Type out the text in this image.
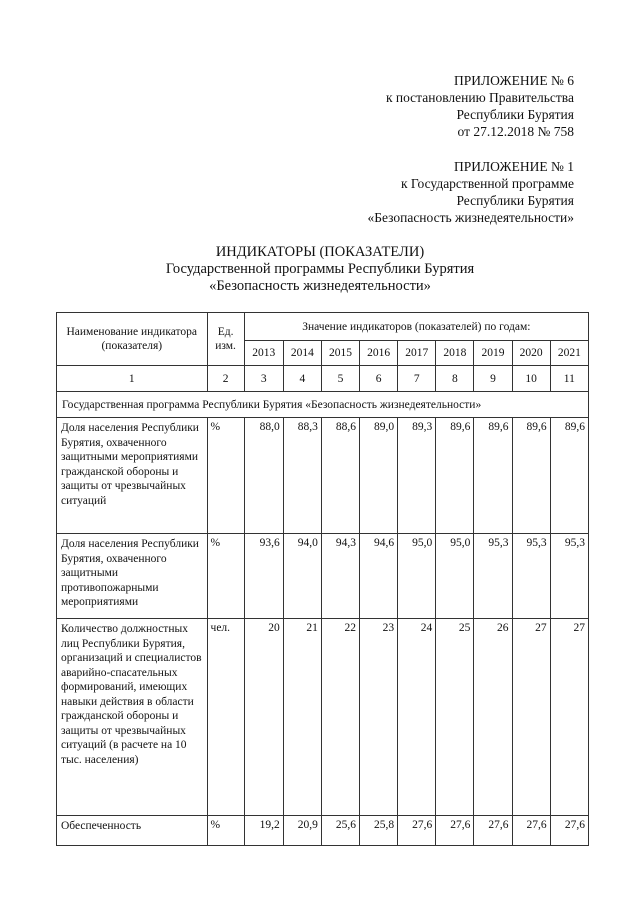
ПРИЛОЖЕНИЕ № 6
к постановлению Правительства
Республики Бурятия
от 27.12.2018 № 758
ПРИЛОЖЕНИЕ № 1
к Государственной программе
Республики Бурятия
«Безопасность жизнедеятельности»
ИНДИКАТОРЫ (ПОКАЗАТЕЛИ)
Государственной программы Республики Бурятия
«Безопасность жизнедеятельности»
Наименование индикатора (показателя)	Ед. изм.	Значение индикаторов (показателей) по годам:								
		2013	2014	2015	2016	2017	2018	2019	2020	2021
1	2	3	4	5	6	7	8	9	10	11
Государственная программа Республики Бурятия «Безопасность жизнедеятельности»										
Доля населения Республики Бурятия, охваченного защитными мероприятиями гражданской обороны и защиты от чрезвычайных ситуаций	%	88,0	88,3	88,6	89,0	89,3	89,6	89,6	89,6	89,6
Доля населения Республики Бурятия, охвачeнного защитными противопожарными мероприятиями	%	93,6	94,0	94,3	94,6	95,0	95,0	95,3	95,3	95,3
Количество должностных лиц Республики Бурятия, организаций и специалистов аварийно-спасательных формирований, имеющих навыки действия в области гражданской обороны и защиты от чрезвычайных ситуаций (в расчете на 10 тыс. населения)	чел.	20	21	22	23	24	25	26	27	27
Обеспеченность	%	19,2	20,9	25,6	25,8	27,6	27,6	27,6	27,6	27,6
